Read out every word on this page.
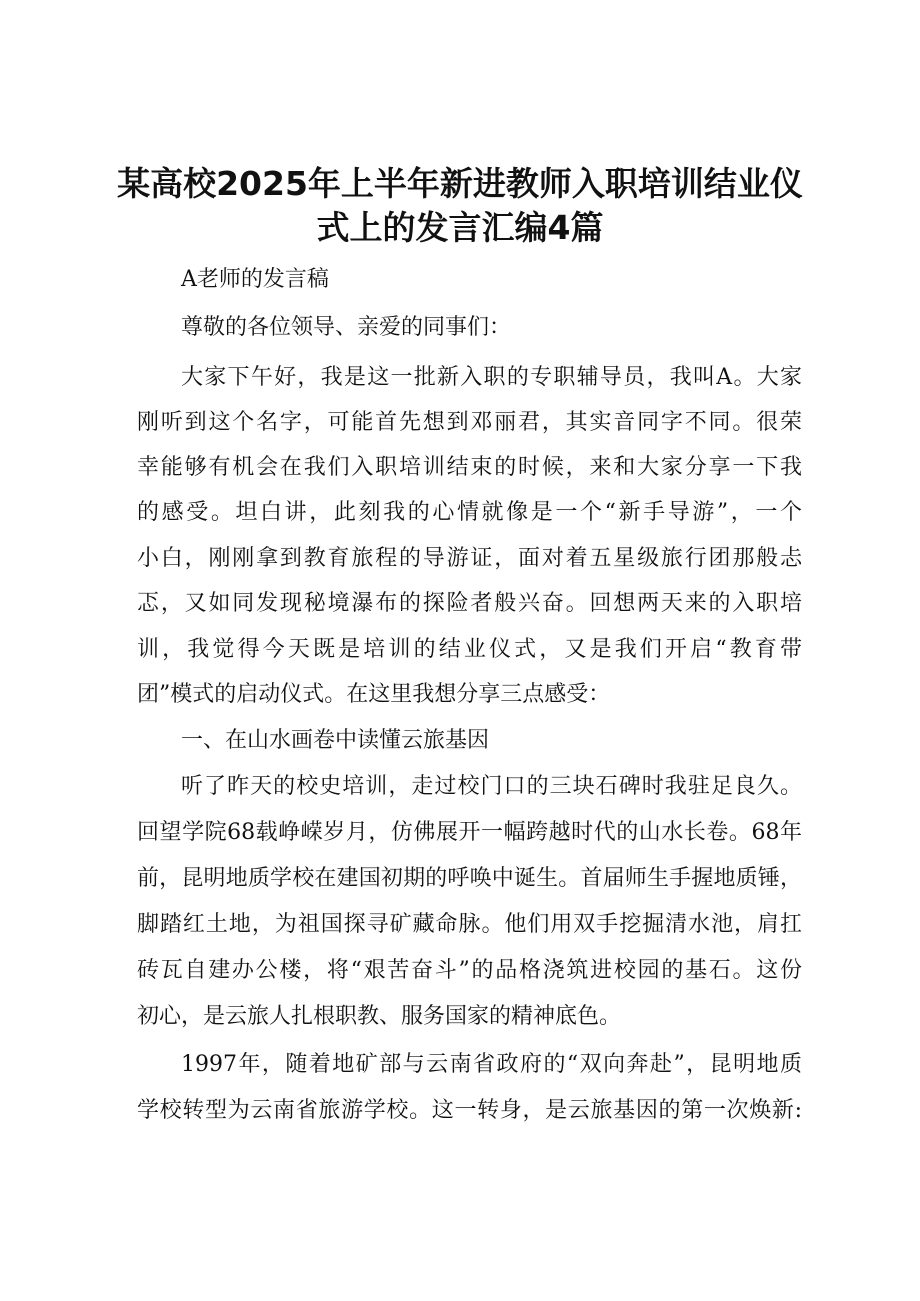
某高校2025年上半年新进教师入职培训结业仪
式上的发言汇编4篇

A老师的发言稿

尊敬的各位领导、亲爱的同事们：

大家下午好，我是这一批新入职的专职辅导员，我叫A。大家

刚听到这个名字，可能首先想到邓丽君，其实音同字不同。很荣

幸能够有机会在我们入职培训结束的时候，来和大家分享一下我

的感受。坦白讲，此刻我的心情就像是一个“新手导游”，一个

小白，刚刚拿到教育旅程的导游证，面对着五星级旅行团那般忐

忑，又如同发现秘境瀑布的探险者般兴奋。回想两天来的入职培

训，我觉得今天既是培训的结业仪式，又是我们开启“教育带

团”模式的启动仪式。在这里我想分享三点感受：

一、在山水画卷中读懂云旅基因

听了昨天的校史培训，走过校门口的三块石碑时我驻足良久。

回望学院68载峥嵘岁月，仿佛展开一幅跨越时代的山水长卷。68年

前，昆明地质学校在建国初期的呼唤中诞生。首届师生手握地质锤，

脚踏红土地，为祖国探寻矿藏命脉。他们用双手挖掘清水池，肩扛

砖瓦自建办公楼，将“艰苦奋斗”的品格浇筑进校园的基石。这份

初心，是云旅人扎根职教、服务国家的精神底色。

1997年，随着地矿部与云南省政府的“双向奔赴”，昆明地质

学校转型为云南省旅游学校。这一转身，是云旅基因的第一次焕新:
